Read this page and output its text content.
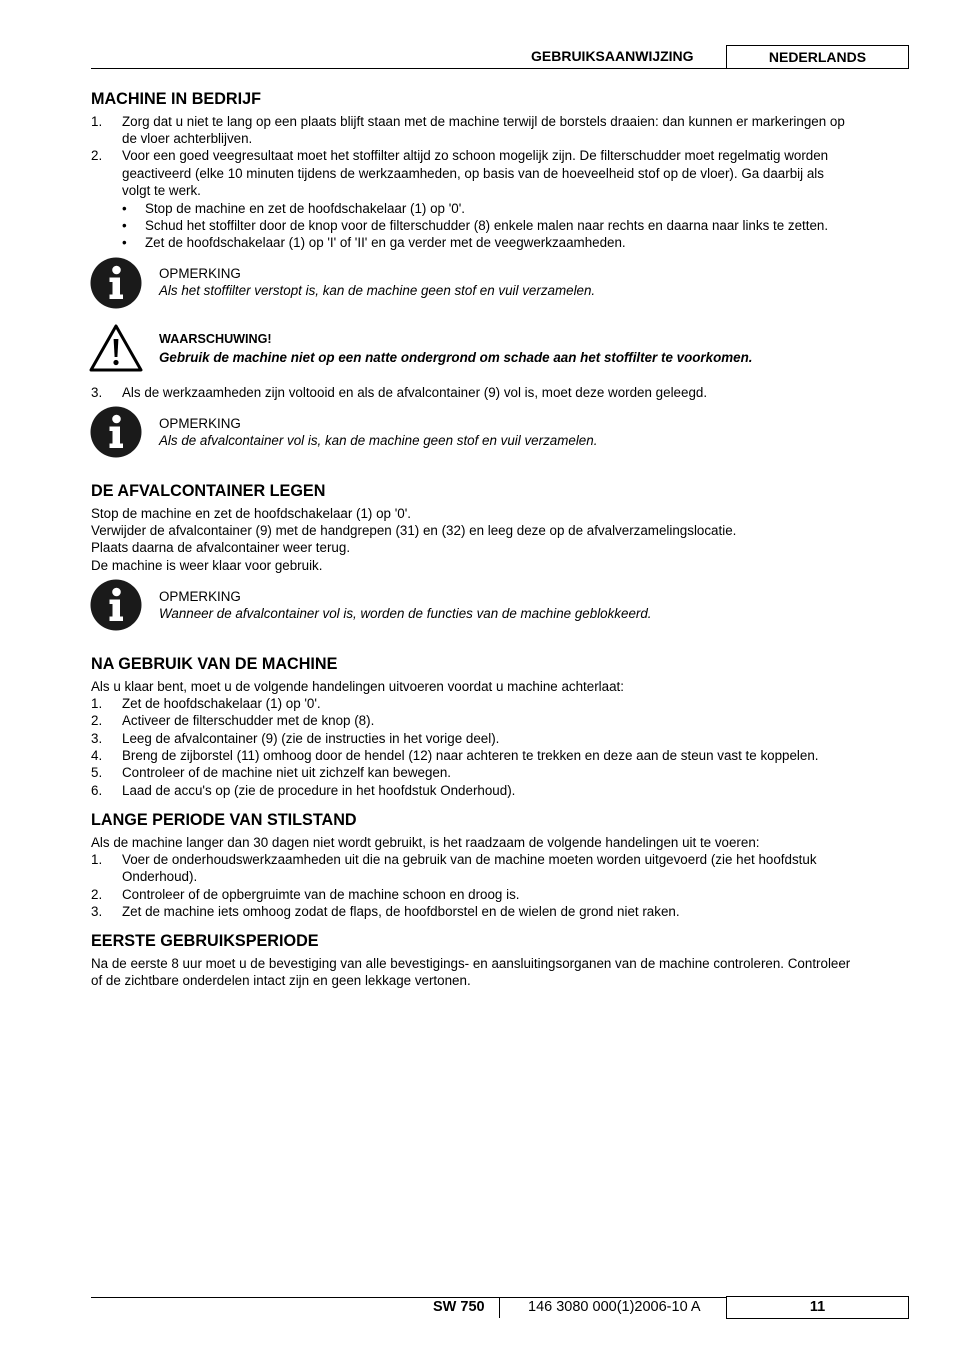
GEBRUIKSAANWIJZING	NEDERLANDS
MACHINE IN BEDRIJF
1. Zorg dat u niet te lang op een plaats blijft staan met de machine terwijl de borstels draaien: dan kunnen er markeringen op
de vloer achterblijven.
2. Voor een goed veegresultaat moet het stoffilter altijd zo schoon mogelijk zijn. De filterschudder moet regelmatig worden
geactiveerd (elke 10 minuten tijdens de werkzaamheden, op basis van de hoeveelheid stof op de vloer). Ga daarbij als
volgt te werk.
• Stop de machine en zet de hoofdschakelaar (1) op '0'.
• Schud het stoffilter door de knop voor de filterschudder (8) enkele malen naar rechts en daarna naar links te zetten.
• Zet de hoofdschakelaar (1) op 'I' of 'II' en ga verder met de veegwerkzaamheden.
OPMERKING
Als het stoffilter verstopt is, kan de machine geen stof en vuil verzamelen.
WAARSCHUWING!
Gebruik de machine niet op een natte ondergrond om schade aan het stoffilter te voorkomen.
3. Als de werkzaamheden zijn voltooid en als de afvalcontainer (9) vol is, moet deze worden geleegd.
OPMERKING
Als de afvalcontainer vol is, kan de machine geen stof en vuil verzamelen.
DE AFVALCONTAINER LEGEN
Stop de machine en zet de hoofdschakelaar (1) op '0'.
Verwijder de afvalcontainer (9) met de handgrepen (31) en (32) en leeg deze op de afvalverzamelingslocatie.
Plaats daarna de afvalcontainer weer terug.
De machine is weer klaar voor gebruik.
OPMERKING
Wanneer de afvalcontainer vol is, worden de functies van de machine geblokkeerd.
NA GEBRUIK VAN DE MACHINE
Als u klaar bent, moet u de volgende handelingen uitvoeren voordat u machine achterlaat:
1. Zet de hoofdschakelaar (1) op '0'.
2. Activeer de filterschudder met de knop (8).
3. Leeg de afvalcontainer (9) (zie de instructies in het vorige deel).
4. Breng de zijborstel (11) omhoog door de hendel (12) naar achteren te trekken en deze aan de steun vast te koppelen.
5. Controleer of de machine niet uit zichzelf kan bewegen.
6. Laad de accu's op (zie de procedure in het hoofdstuk Onderhoud).
LANGE PERIODE VAN STILSTAND
Als de machine langer dan 30 dagen niet wordt gebruikt, is het raadzaam de volgende handelingen uit te voeren:
1. Voer de onderhoudswerkzaamheden uit die na gebruik van de machine moeten worden uitgevoerd (zie het hoofdstuk
Onderhoud).
2. Controleer of de opbergruimte van de machine schoon en droog is.
3. Zet de machine iets omhoog zodat de flaps, de hoofdborstel en de wielen de grond niet raken.
EERSTE GEBRUIKSPERIODE
Na de eerste 8 uur moet u de bevestiging van alle bevestigings- en aansluitingsorganen van de machine controleren. Controleer
of de zichtbare onderdelen intact zijn en geen lekkage vertonen.
SW 750	146 3080 000(1)2006-10 A	11
